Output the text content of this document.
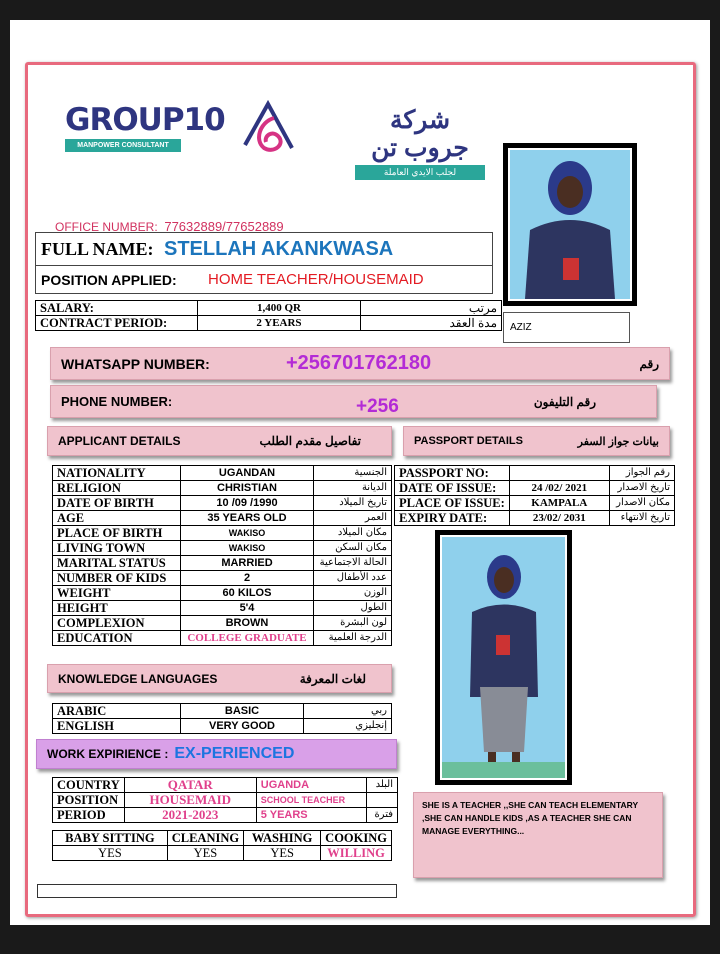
GROUP10
MANPOWER CONSULTANT
شركة جروب تن
لجلب الايدي العاملة
AZIZ
OFFICE NUMBER: 77632889/77652889
FULL NAME: STELLAH AKANKWASA
POSITION APPLIED:	HOME TEACHER/HOUSEMAID
SALARY:	1,400 QR	مرتب
CONTRACT PERIOD:	2 YEARS	مدة العقد
WHATSAPP NUMBER:	+256701762180	رقم
PHONE NUMBER:	+256	رقم التليفون
APPLICANT DETAILS	تفاصيل مقدم الطلب	PASSPORT DETAILS	بيانات جواز السفر
NATIONALITY	UGANDAN	الجنسية
RELIGION	CHRISTIAN	الديانة
DATE OF BIRTH	10 /09 /1990	تاريخ الميلاد
AGE	35 YEARS OLD	العمر
PLACE OF BIRTH	WAKISO	مكان الميلاد
LIVING TOWN	WAKISO	مكان السكن
MARITAL STATUS	MARRIED	الحالة الاجتماعية
NUMBER OF KIDS	2	عدد الأطفال
WEIGHT	60 KILOS	الوزن
HEIGHT	5'4	الطول
COMPLEXION	BROWN	لون البشرة
EDUCATION	COLLEGE GRADUATE	الدرجة العلمية
PASSPORT NO:		رقم الجواز
DATE OF ISSUE:	24 /02/ 2021	تاريخ الاصدار
PLACE OF ISSUE:	KAMPALA	مكان الاصدار
EXPIRY DATE:	23/02/ 2031	تاريخ الانتهاء
KNOWLEDGE LANGUAGES	لغات المعرفة
ARABIC	BASIC	ربي
ENGLISH	VERY GOOD	إنجليزي
WORK EXPIRIENCE : EX-PERIENCED
COUNTRY	QATAR	UGANDA	البلد
POSITION	HOUSEMAID	SCHOOL TEACHER	
PERIOD	2021-2023	5 YEARS	فترة
BABY SITTING	CLEANING	WASHING	COOKING
YES	YES	YES	WILLING
SHE IS A TEACHER ,,SHE CAN TEACH ELEMENTARY ,SHE CAN HANDLE KIDS ,AS A TEACHER SHE CAN MANAGE EVERYTHING...
